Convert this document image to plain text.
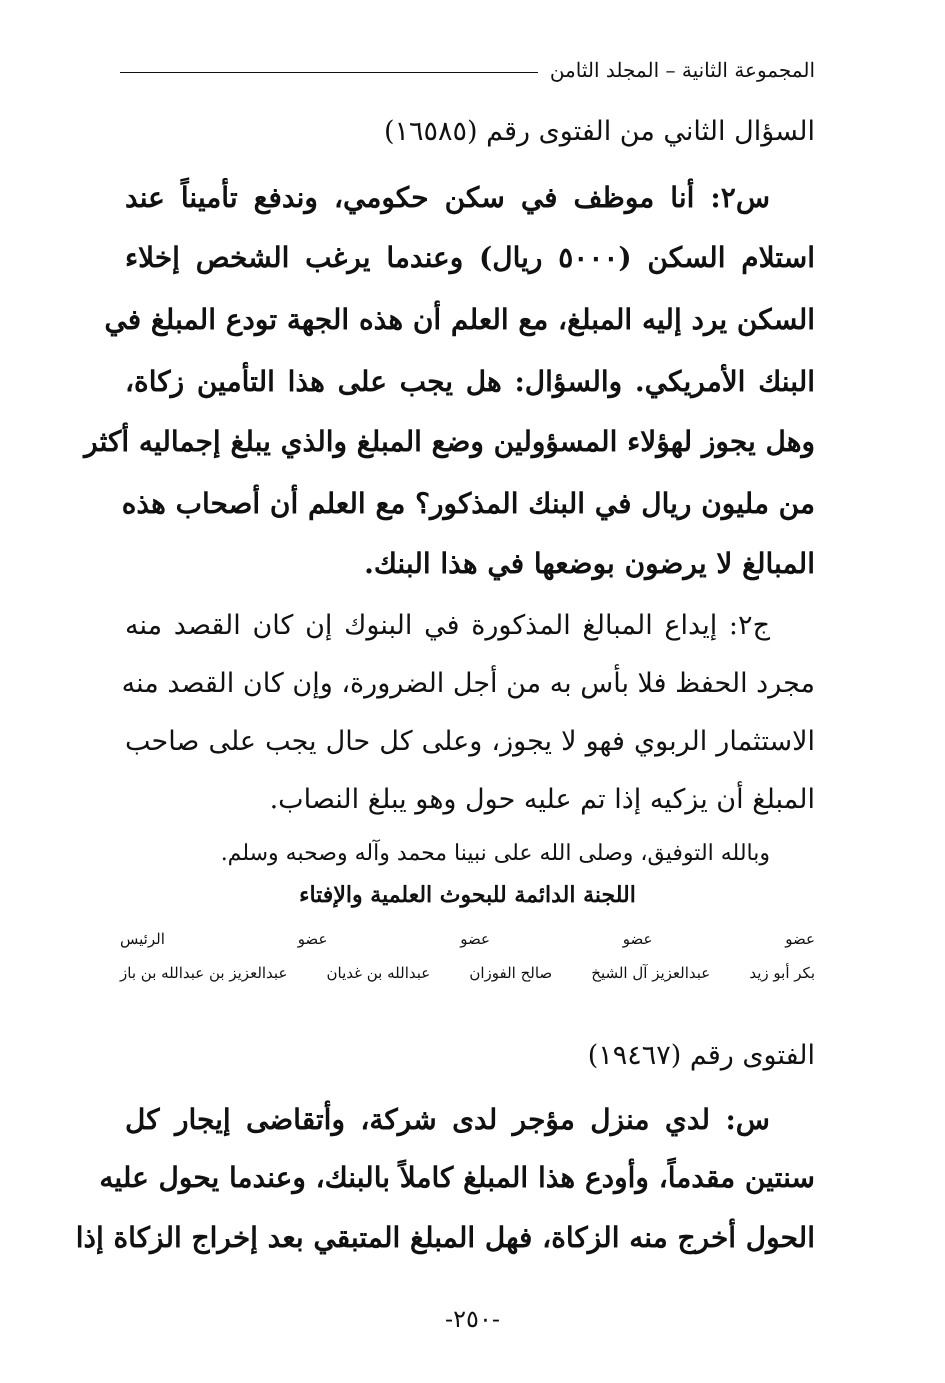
المجموعة الثانية – المجلد الثامن
السؤال الثاني من الفتوى رقم (١٦٥٨٥)
س٢: أنا موظف في سكن حكومي، وندفع تأميناً عند
استلام السكن (٥٠٠٠ ريال) وعندما يرغب الشخص إخلاء
السكن يرد إليه المبلغ، مع العلم أن هذه الجهة تودع المبلغ في
البنك الأمريكي. والسؤال: هل يجب على هذا التأمين زكاة،
وهل يجوز لهؤلاء المسؤولين وضع المبلغ والذي يبلغ إجماليه أكثر
من مليون ريال في البنك المذكور؟ مع العلم أن أصحاب هذه
المبالغ لا يرضون بوضعها في هذا البنك.
ج٢: إيداع المبالغ المذكورة في البنوك إن كان القصد منه
مجرد الحفظ فلا بأس به من أجل الضرورة، وإن كان القصد منه
الاستثمار الربوي فهو لا يجوز، وعلى كل حال يجب على صاحب
المبلغ أن يزكيه إذا تم عليه حول وهو يبلغ النصاب.
وبالله التوفيق، وصلى الله على نبينا محمد وآله وصحبه وسلم.
اللجنة الدائمة للبحوث العلمية والإفتاء
عضو
عضو
عضو
عضو
الرئيس
بكر أبو زيد
عبدالعزيز آل الشيخ
صالح الفوزان
عبدالله بن غديان
عبدالعزيز بن عبدالله بن باز
الفتوى رقم (١٩٤٦٧)
س: لدي منزل مؤجر لدى شركة، وأتقاضى إيجار كل
سنتين مقدماً، وأودع هذا المبلغ كاملاً بالبنك، وعندما يحول عليه
الحول أخرج منه الزكاة، فهل المبلغ المتبقي بعد إخراج الزكاة إذا
-٢٥٠-
